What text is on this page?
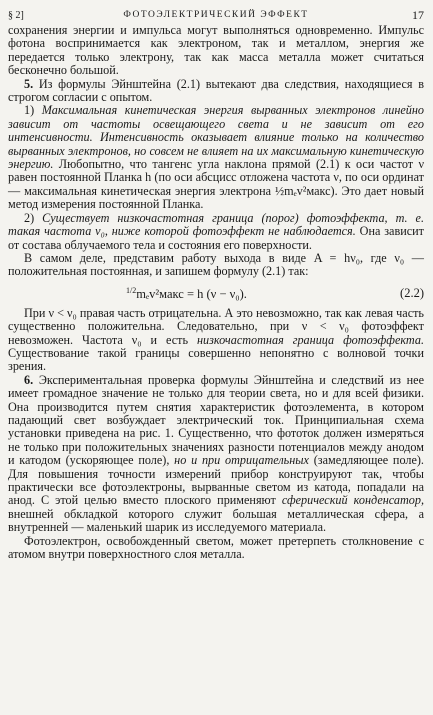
§ 2]	ФОТОЭЛЕКТРИЧЕСКИЙ ЭФФЕКТ	17

сохранения энергии и импульса могут выполняться одновременно. Импульс фотона воспринимается как электроном, так и металлом, энергия же передается только электрону, так как масса металла может считаться бесконечно большой.

5. Из формулы Эйнштейна (2.1) вытекают два следствия, находящиеся в строгом согласии с опытом.

1) Максимальная кинетическая энергия вырванных электронов линейно зависит от частоты освещающего света и не зависит от его интенсивности. Интенсивность оказывает влияние только на количество вырванных электронов, но совсем не влияет на их максимальную кинетическую энергию. Любопытно, что тангенс угла наклона прямой (2.1) к оси частот ν равен постоянной Планка h (по оси абсцисс отложена частота ν, по оси ординат — максимальная кинетическая энергия электрона ½mₑv²макс). Это дает новый метод измерения постоянной Планка.

2) Существует низкочастотная граница (порог) фотоэффекта, т. е. такая частота ν₀, ниже которой фотоэффект не наблюдается. Она зависит от состава облучаемого тела и состояния его поверхности.

В самом деле, представим работу выхода в виде A = hν₀, где ν₀ — положительная постоянная, и запишем формулу (2.1) так:

$^{1/2}$mₑv²макс = h (ν − ν₀).	(2.2)

При ν < ν₀ правая часть отрицательна. А это невозможно, так как левая часть существенно положительна. Следовательно, при ν < ν₀ фотоэффект невозможен. Частота ν₀ и есть низкочастотная граница фотоэффекта. Существование такой границы совершенно непонятно с волновой точки зрения.

6. Экспериментальная проверка формулы Эйнштейна и следствий из нее имеет громадное значение не только для теории света, но и для всей физики. Она производится путем снятия характеристик фотоэлемента, в котором падающий свет возбуждает электрический ток. Принципиальная схема установки приведена на рис. 1. Существенно, что фототок должен измеряться не только при положительных значениях разности потенциалов между анодом и катодом (ускоряющее поле), но и при отрицательных (замедляющее поле). Для повышения точности измерений прибор конструируют так, чтобы практически все фотоэлектроны, вырванные светом из катода, попадали на анод. С этой целью вместо плоского применяют сферический конденсатор, внешней обкладкой которого служит большая металлическая сфера, а внутренней — маленький шарик из исследуемого материала.

Фотоэлектрон, освобожденный светом, может претерпеть столкновение с атомом внутри поверхностного слоя металла.
